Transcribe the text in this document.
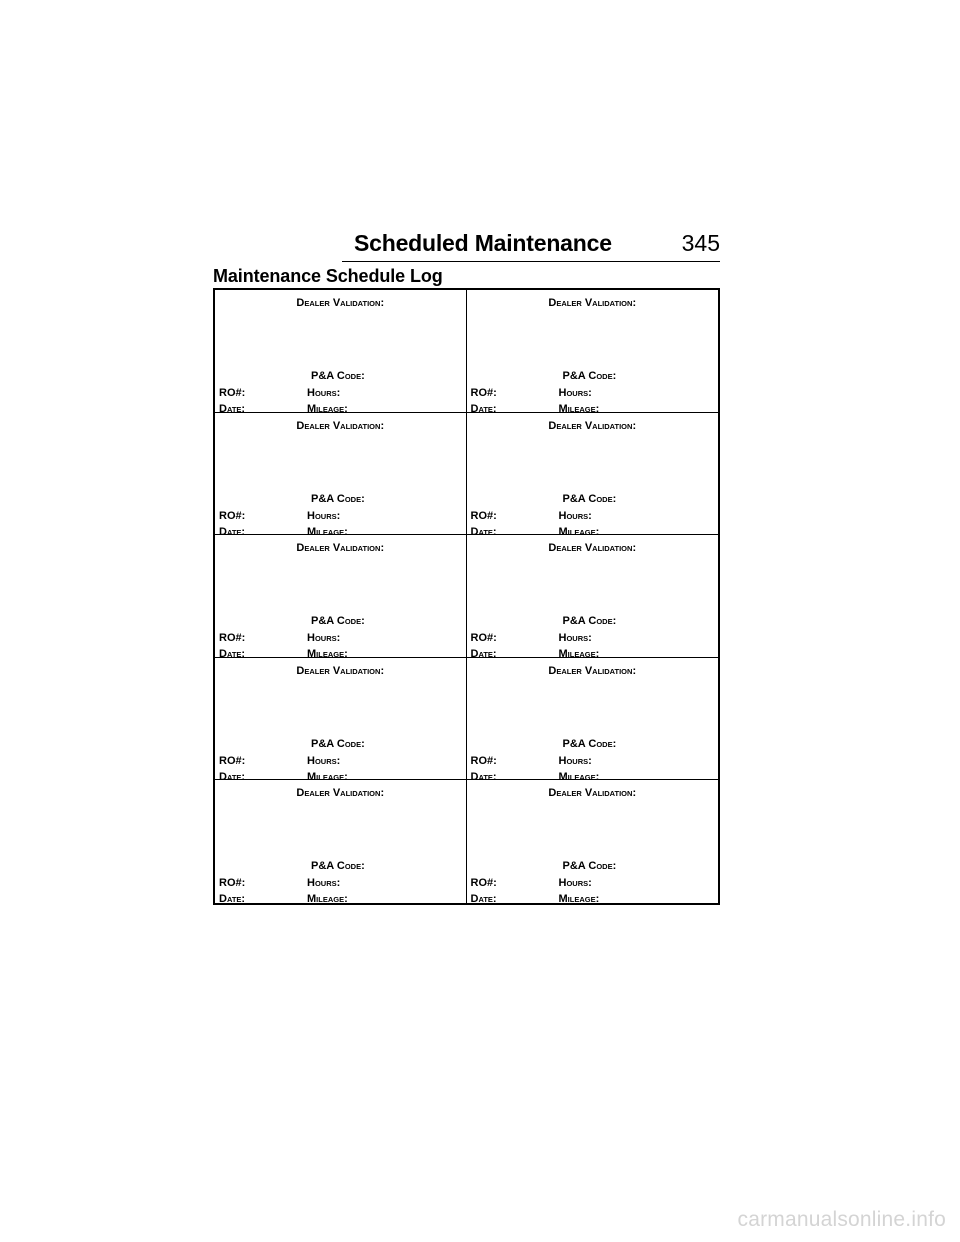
Scheduled Maintenance	345
Maintenance Schedule Log
DEALER VALIDATION:
P&A CODE:
RO#:	HOURS:
DATE:	MILEAGE:
DEALER VALIDATION:
P&A CODE:
RO#:	HOURS:
DATE:	MILEAGE:
DEALER VALIDATION:
P&A CODE:
RO#:	HOURS:
DATE:	MILEAGE:
DEALER VALIDATION:
P&A CODE:
RO#:	HOURS:
DATE:	MILEAGE:
DEALER VALIDATION:
P&A CODE:
RO#:	HOURS:
DATE:	MILEAGE:
DEALER VALIDATION:
P&A CODE:
RO#:	HOURS:
DATE:	MILEAGE:
DEALER VALIDATION:
P&A CODE:
RO#:	HOURS:
DATE:	MILEAGE:
DEALER VALIDATION:
P&A CODE:
RO#:	HOURS:
DATE:	MILEAGE:
DEALER VALIDATION:
P&A CODE:
RO#:	HOURS:
DATE:	MILEAGE:
DEALER VALIDATION:
P&A CODE:
RO#:	HOURS:
DATE:	MILEAGE:
carmanualsonline.info
